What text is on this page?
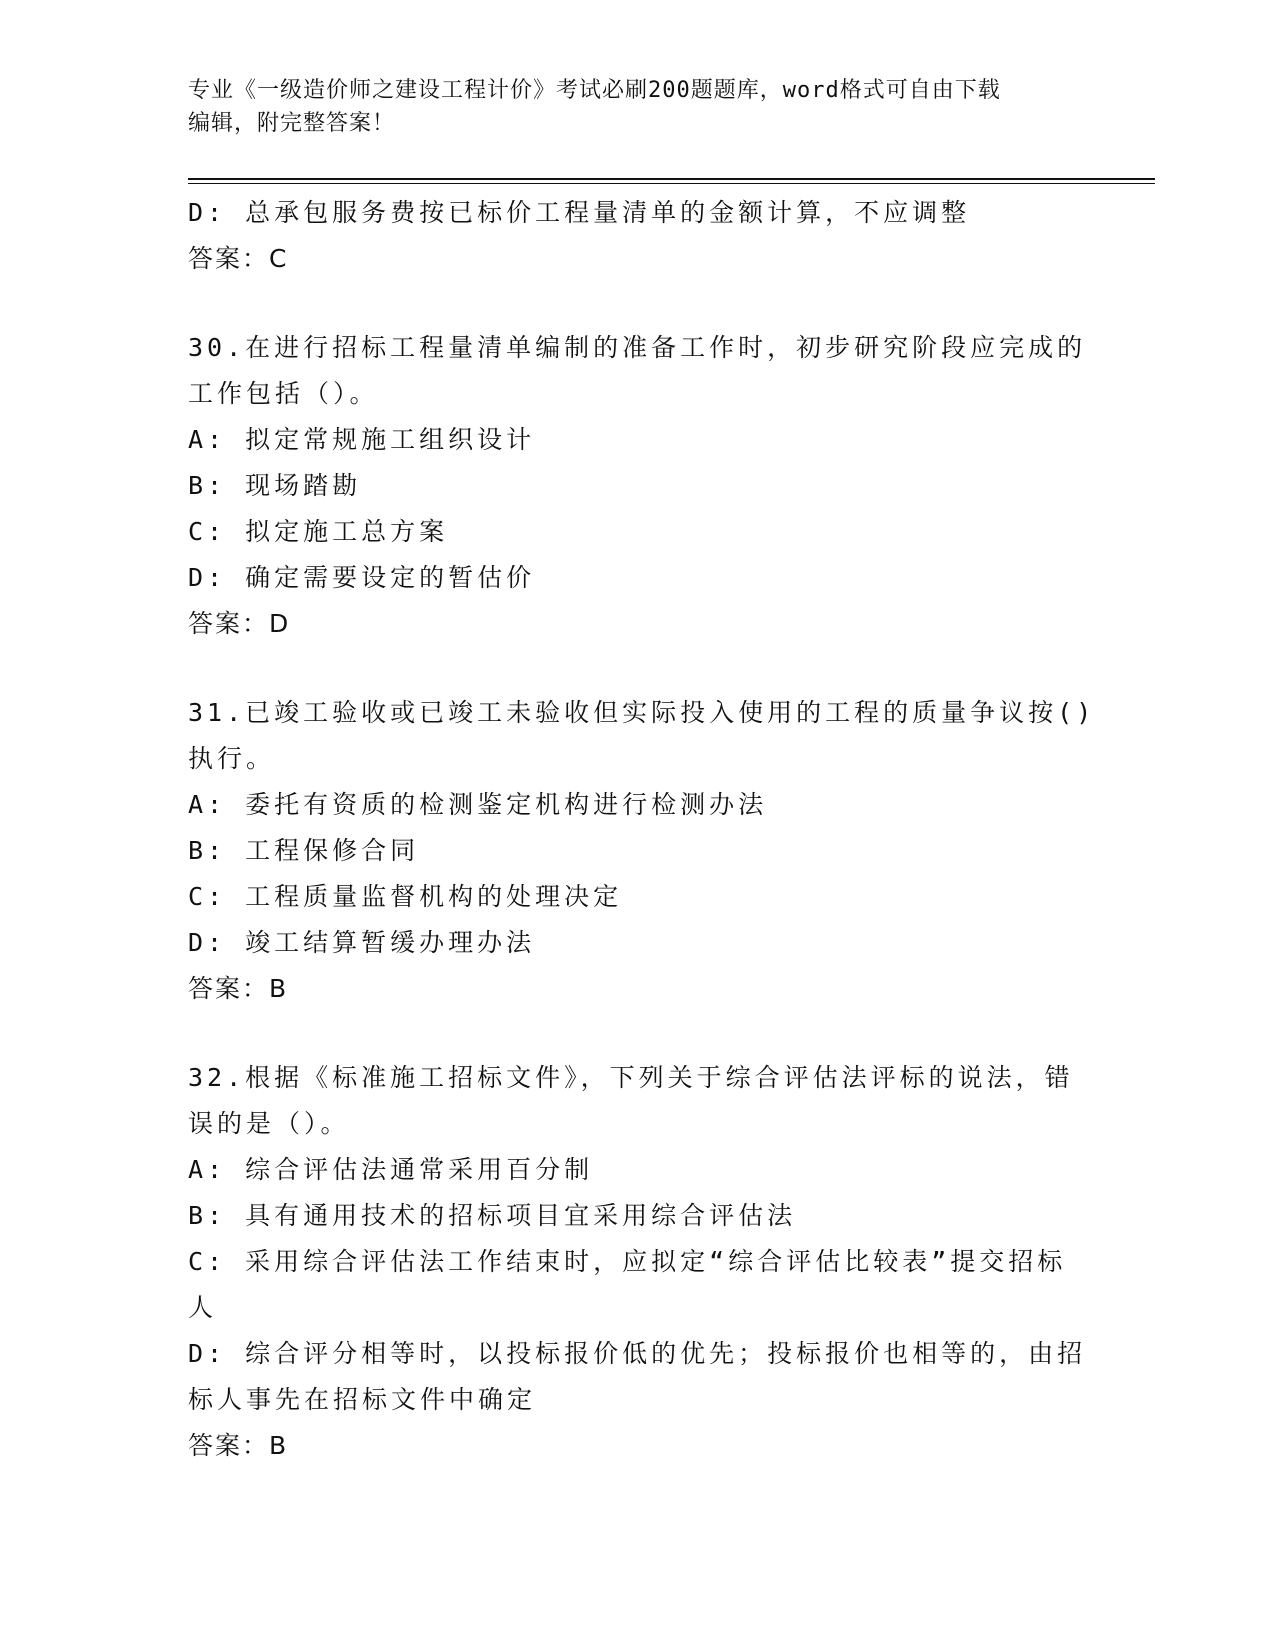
专业《一级造价师之建设工程计价》考试必刷200题题库，word格式可自由下载
编辑，附完整答案！
D: 总承包服务费按已标价工程量清单的金额计算，不应调整
答案：C
30.在进行招标工程量清单编制的准备工作时，初步研究阶段应完成的
工作包括（）。
A: 拟定常规施工组织设计
B: 现场踏勘
C: 拟定施工总方案
D: 确定需要设定的暂估价
答案：D
31.已竣工验收或已竣工未验收但实际投入使用的工程的质量争议按()
执行。
A: 委托有资质的检测鉴定机构进行检测办法
B: 工程保修合同
C: 工程质量监督机构的处理决定
D: 竣工结算暂缓办理办法
答案：B
32.根据《标准施工招标文件》，下列关于综合评估法评标的说法，错
误的是（）。
A: 综合评估法通常采用百分制
B: 具有通用技术的招标项目宜采用综合评估法
C: 采用综合评估法工作结束时，应拟定“综合评估比较表”提交招标
人
D: 综合评分相等时，以投标报价低的优先；投标报价也相等的，由招
标人事先在招标文件中确定
答案：B
